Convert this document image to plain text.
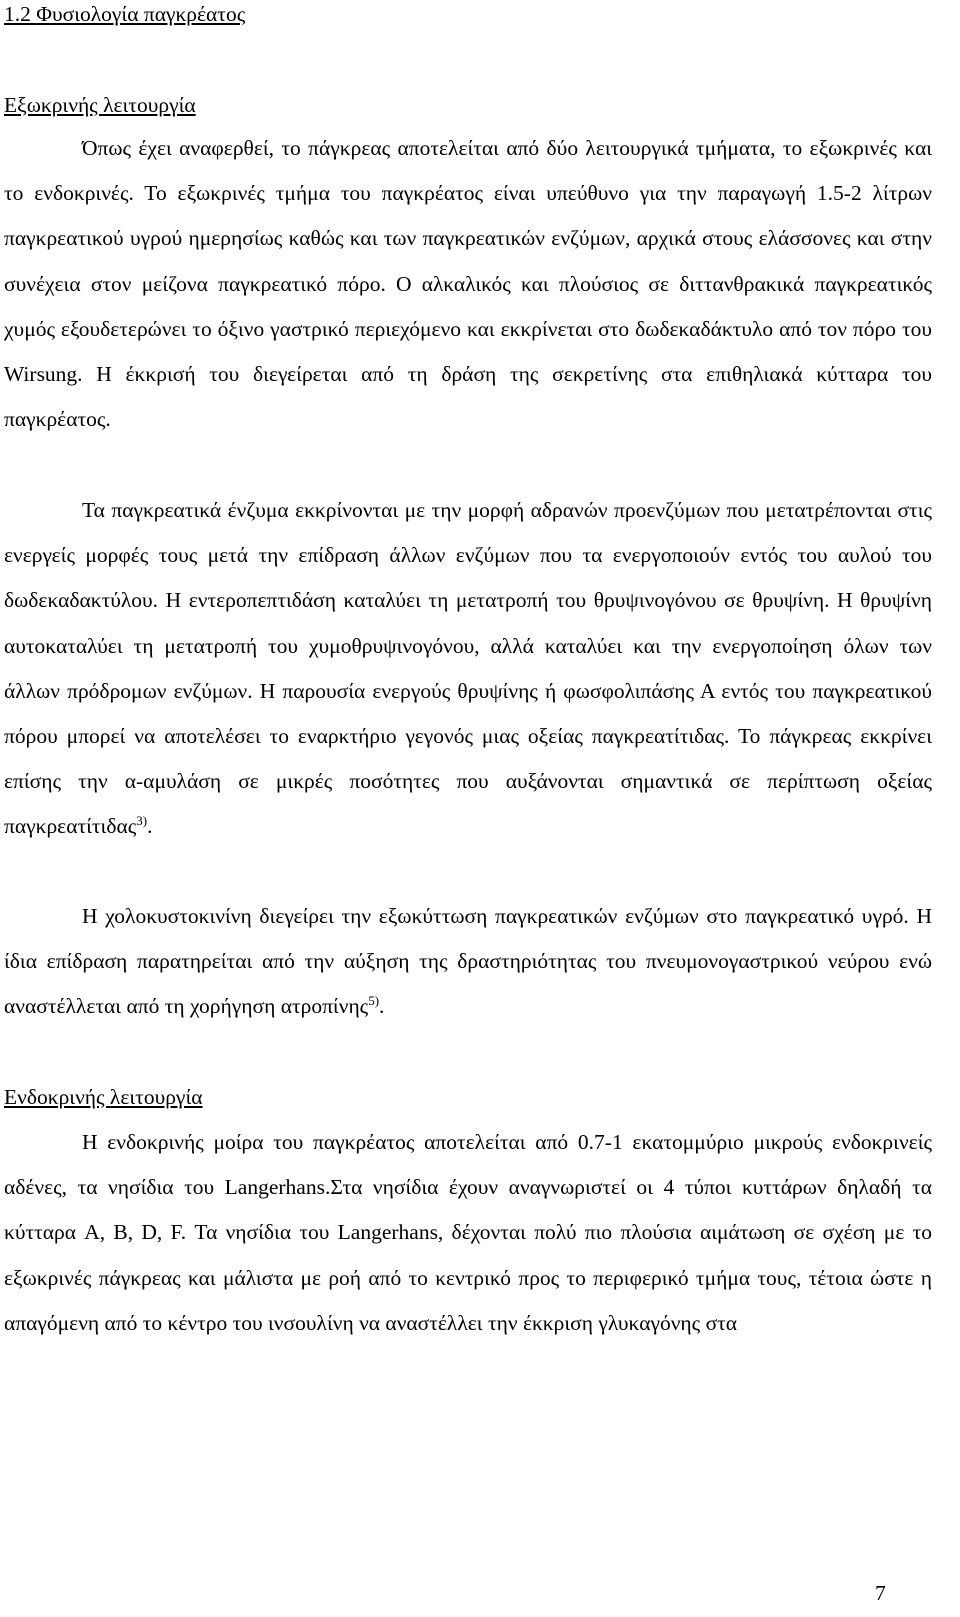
1.2 Φυσιολογία παγκρέατος
Εξωκρινής λειτουργία

Όπως έχει αναφερθεί, το πάγκρεας αποτελείται από δύο λειτουργικά τμήματα, το εξωκρινές και το ενδοκρινές. Το εξωκρινές τμήμα του παγκρέατος είναι υπεύθυνο για την παραγωγή 1.5-2 λίτρων παγκρεατικού υγρού ημερησίως καθώς και των παγκρεατικών ενζύμων, αρχικά στους ελάσσονες και στην συνέχεια στον μείζονα παγκρεατικό πόρο. Ο αλκαλικός και πλούσιος σε διττανθρακικά παγκρεατικός χυμός εξουδετερώνει το όξινο γαστρικό περιεχόμενο και εκκρίνεται στο δωδεκαδάκτυλο από τον πόρο του Wirsung. Η έκκρισή του διεγείρεται από τη δράση της σεκρετίνης στα επιθηλιακά κύτταρα του παγκρέατος.

Τα παγκρεατικά ένζυμα εκκρίνονται με την μορφή αδρανών προενζύμων που μετατρέπονται στις ενεργείς μορφές τους μετά την επίδραση άλλων ενζύμων που τα ενεργοποιούν εντός του αυλού του δωδεκαδακτύλου. Η εντεροπεπτιδάση καταλύει τη μετατροπή του θρυψινογόνου σε θρυψίνη. Η θρυψίνη αυτοκαταλύει τη μετατροπή του χυμοθρυψινογόνου, αλλά καταλύει και την ενεργοποίηση όλων των άλλων πρόδρομων ενζύμων. Η παρουσία ενεργούς θρυψίνης ή φωσφολιπάσης Α εντός του παγκρεατικού πόρου μπορεί να αποτελέσει το εναρκτήριο γεγονός μιας οξείας παγκρεατίτιδας. Το πάγκρεας εκκρίνει επίσης την α-αμυλάση σε μικρές ποσότητες που αυξάνονται σημαντικά σε περίπτωση οξείας παγκρεατίτιδας$^{3)}$.

Η χολοκυστοκινίνη διεγείρει την εξωκύττωση παγκρεατικών ενζύμων στο παγκρεατικό υγρό. Η ίδια επίδραση παρατηρείται από την αύξηση της δραστηριότητας του πνευμονογαστρικού νεύρου ενώ αναστέλλεται από τη χορήγηση ατροπίνης$^{5)}$.

Ενδοκρινής λειτουργία

Η ενδοκρινής μοίρα του παγκρέατος αποτελείται από 0.7-1 εκατομμύριο μικρούς ενδοκρινείς αδένες, τα νησίδια του Langerhans.Στα νησίδια έχουν αναγνωριστεί οι 4 τύποι κυττάρων δηλαδή τα κύτταρα A, B, D, F. Τα νησίδια του Langerhans, δέχονται πολύ πιο πλούσια αιμάτωση σε σχέση με το εξωκρινές πάγκρεας και μάλιστα με ροή από το κεντρικό προς το περιφερικό τμήμα τους, τέτοια ώστε η απαγόμενη από το κέντρο του ινσουλίνη να αναστέλλει την έκκριση γλυκαγόνης στα

7
